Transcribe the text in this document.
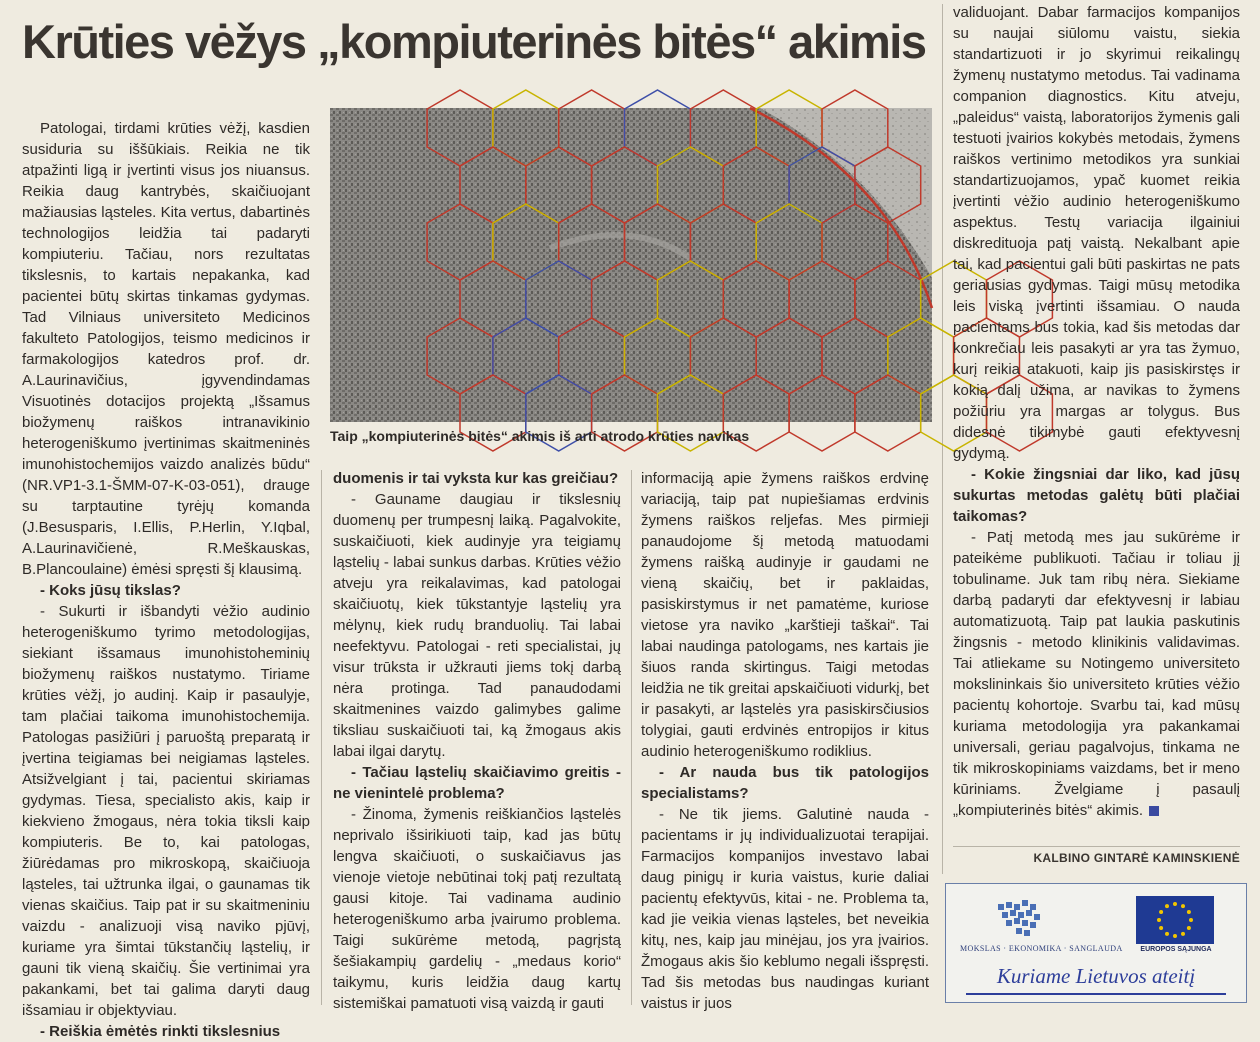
Krūties vėžys „kompiuterinės bitės“ akimis

Patologai, tirdami krūties vėžį, kasdien susiduria su iššūkiais. Reikia ne tik atpažinti ligą ir įvertinti visus jos niuansus. Reikia daug kantrybės, skaičiuojant mažiausias ląsteles. Kita vertus, dabartinės technologijos leidžia tai padaryti kompiuteriu. Tačiau, nors rezultatas tikslesnis, to kartais nepakanka, kad pacientei būtų skirtas tinkamas gydymas. Tad Vilniaus universiteto Medicinos fakulteto Patologijos, teismo medicinos ir farmakologijos katedros prof. dr. A.Laurinavičius, įgyvendindamas Visuotinės dotacijos projektą „Išsamus biožymenų raiškos intranavikinio heterogeniškumo įvertinimas skaitmeninės imunohistochemijos vaizdo analizės būdu“ (NR.VP1-3.1-ŠMM-07-K-03-051), drauge su tarptautine tyrėjų komanda (J.Besusparis, I.Ellis, P.Herlin, Y.Iqbal, A.Laurinavičienė, R.Meškauskas, B.Plancoulaine) ėmėsi spręsti šį klausimą.

- Koks jūsų tikslas?

- Sukurti ir išbandyti vėžio audinio heterogeniškumo tyrimo metodologijas, siekiant išsamaus imunohistoheminių biožymenų raiškos nustatymo. Tiriame krūties vėžį, jo audinį. Kaip ir pasaulyje, tam plačiai taikoma imunohistochemija. Patologas pasižiūri į paruoštą preparatą ir įvertina teigiamas bei neigiamas ląsteles. Atsižvelgiant į tai, pacientui skiriamas gydymas. Tiesa, specialisto akis, kaip ir kiekvieno žmogaus, nėra tokia tiksli kaip kompiuteris. Be to, kai patologas, žiūrėdamas pro mikroskopą, skaičiuoja ląsteles, tai užtrunka ilgai, o gaunamas tik vienas skaičius. Taip pat ir su skaitmeniniu vaizdu - analizuoji visą naviko pjūvį, kuriame yra šimtai tūkstančių ląstelių, ir gauni tik vieną skaičių. Šie vertinimai yra pakankami, bet tai galima daryti daug išsamiau ir objektyviau.

- Reiškia ėmėtės rinkti tikslesnius

Taip „kompiuterinės bitės“ akimis iš arti atrodo krūties navikas

duomenis ir tai vyksta kur kas greičiau?

- Gauname daugiau ir tikslesnių duomenų per trumpesnį laiką. Pagalvokite, suskaičiuoti, kiek audinyje yra teigiamų ląstelių - labai sunkus darbas. Krūties vėžio atveju yra reikalavimas, kad patologai skaičiuotų, kiek tūkstantyje ląstelių yra mėlynų, kiek rudų branduolių. Tai labai neefektyvu. Patologai - reti specialistai, jų visur trūksta ir užkrauti jiems tokį darbą nėra protinga. Tad panaudodami skaitmenines vaizdo galimybes galime tiksliau suskaičiuoti tai, ką žmogaus akis labai ilgai darytų.

- Tačiau ląstelių skaičiavimo greitis - ne vienintelė problema?

- Žinoma, žymenis reiškiančios ląstelės neprivalo išsirikiuoti taip, kad jas būtų lengva skaičiuoti, o suskaičiavus jas vienoje vietoje nebūtinai tokį patį rezultatą gausi kitoje. Tai vadinama audinio heterogeniškumo arba įvairumo problema. Taigi sukūrėme metodą, pagrįstą šešiakampių gardelių - „medaus korio“ taikymu, kuris leidžia daug kartų sistemiškai pamatuoti visą vaizdą ir gauti

informaciją apie žymens raiškos erdvinę variaciją, taip pat nupiešiamas erdvinis žymens raiškos reljefas. Mes pirmieji panaudojome šį metodą matuodami žymens raišką audinyje ir gaudami ne vieną skaičių, bet ir paklaidas, pasiskirstymus ir net pamatėme, kuriose vietose yra naviko „karštieji taškai“. Tai labai naudinga patologams, nes kartais jie šiuos randa skirtingus. Taigi metodas leidžia ne tik greitai apskaičiuoti vidurkį, bet ir pasakyti, ar ląstelės yra pasiskirsčiusios tolygiai, gauti erdvinės entropijos ir kitus audinio heterogeniškumo rodiklius.

- Ar nauda bus tik patologijos specialistams?

- Ne tik jiems. Galutinė nauda - pacientams ir jų individualizuotai terapijai. Farmacijos kompanijos investavo labai daug pinigų ir kuria vaistus, kurie daliai pacientų efektyvūs, kitai - ne. Problema ta, kad jie veikia vienas ląsteles, bet neveikia kitų, nes, kaip jau minėjau, jos yra įvairios. Žmogaus akis šio keblumo negali išspręsti. Tad šis metodas bus naudingas kuriant vaistus ir juos

validuojant. Dabar farmacijos kompanijos su naujai siūlomu vaistu, siekia standartizuoti ir jo skyrimui reikalingų žymenų nustatymo metodus. Tai vadinama companion diagnostics. Kitu atveju, „paleidus“ vaistą, laboratorijos žymenis gali testuoti įvairios kokybės metodais, žymens raiškos vertinimo metodikos yra sunkiai standartizuojamos, ypač kuomet reikia įvertinti vėžio audinio heterogeniškumo aspektus. Testų variacija ilgainiui diskredituoja patį vaistą. Nekalbant apie tai, kad pacientui gali būti paskirtas ne pats geriausias gydymas. Taigi mūsų metodika leis viską įvertinti išsamiau. O nauda pacientams bus tokia, kad šis metodas dar konkrečiau leis pasakyti ar yra tas žymuo, kurį reikia atakuoti, kaip jis pasiskirstęs ir kokią dalį užima, ar navikas to žymens požiūriu yra margas ar tolygus. Bus didesnė tikimybė gauti efektyvesnį gydymą.

- Kokie žingsniai dar liko, kad jūsų sukurtas metodas galėtų būti plačiai taikomas?

- Patį metodą mes jau sukūrėme ir pateikėme publikuoti. Tačiau ir toliau jį tobuliname. Juk tam ribų nėra. Siekiame darbą padaryti dar efektyvesnį ir labiau automatizuotą. Taip pat laukia paskutinis žingsnis - metodo klinikinis validavimas. Tai atliekame su Notingemo universiteto mokslininkais šio universiteto krūties vėžio pacientų kohortoje. Svarbu tai, kad mūsų kuriama metodologija yra pakankamai universali, geriau pagalvojus, tinkama ne tik mikroskopiniams vaizdams, bet ir meno kūriniams. Žvelgiame į pasaulį „kompiuterinės bitės“ akimis.

KALBINO GINTARĖ KAMINSKIENĖ
MOKSLAS · EKONOMIKA · SANGLAUDA	EUROPOS SĄJUNGA
Kuriame Lietuvos ateitį
